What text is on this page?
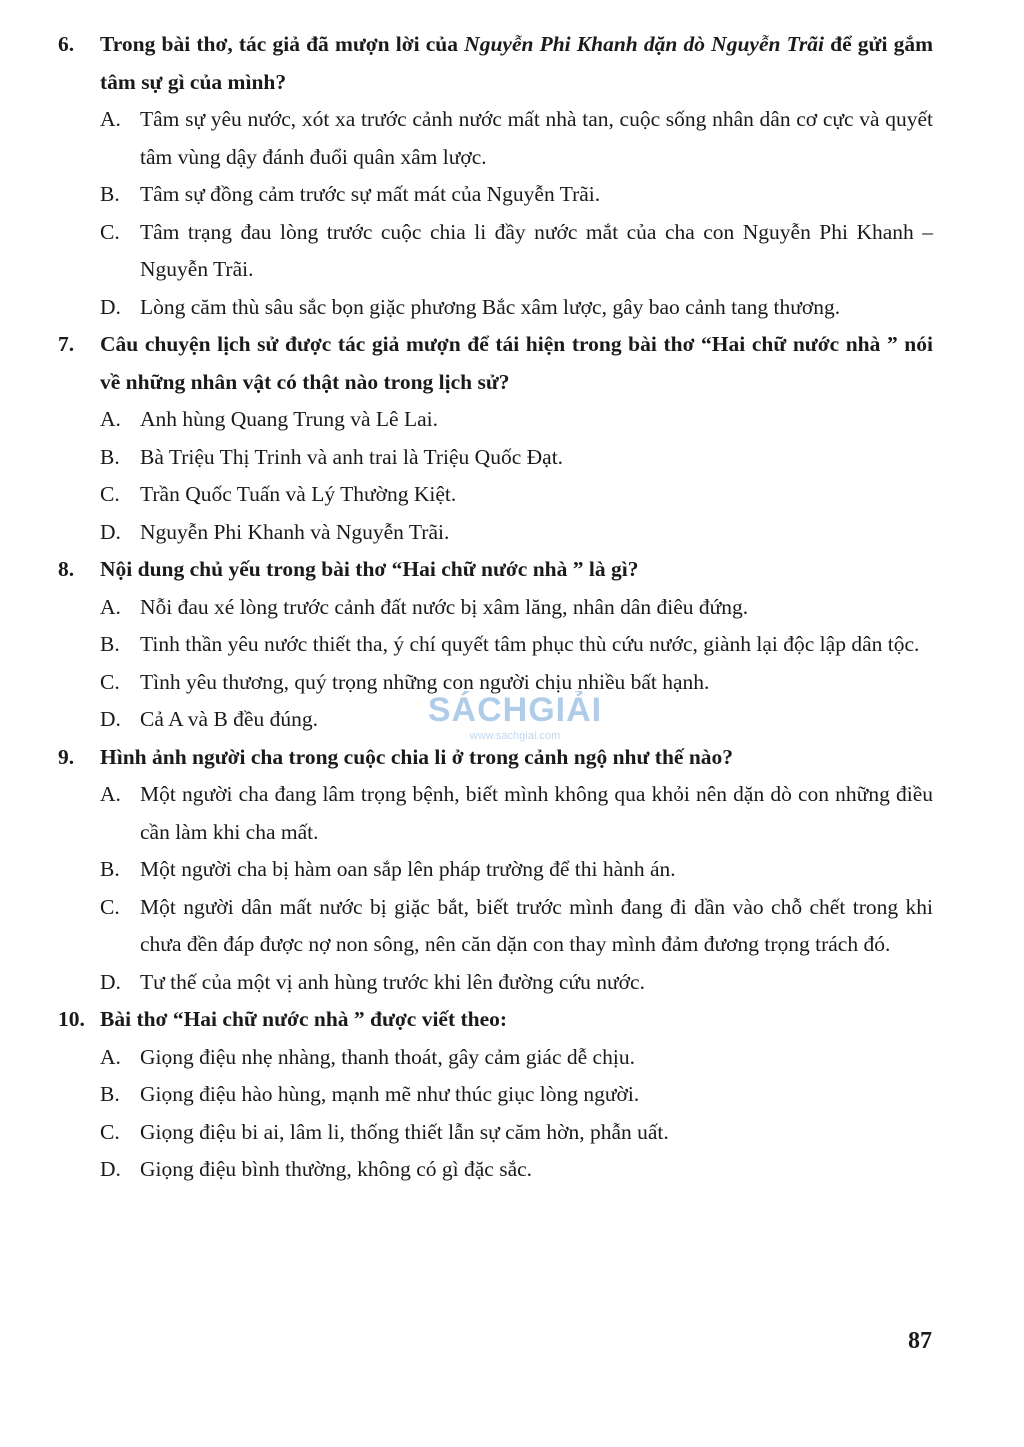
6.	Trong bài thơ, tác giả đã mượn lời của Nguyễn Phi Khanh dặn dò Nguyễn Trãi để gửi gắm tâm sự gì của mình?
A. Tâm sự yêu nước, xót xa trước cảnh nước mất nhà tan, cuộc sống nhân dân cơ cực và quyết tâm vùng dậy đánh đuổi quân xâm lược.
B. Tâm sự đồng cảm trước sự mất mát của Nguyễn Trãi.
C. Tâm trạng đau lòng trước cuộc chia li đầy nước mắt của cha con Nguyễn Phi Khanh – Nguyễn Trãi.
D. Lòng căm thù sâu sắc bọn giặc phương Bắc xâm lược, gây bao cảnh tang thương.
7.	Câu chuyện lịch sử được tác giả mượn để tái hiện trong bài thơ “Hai chữ nước nhà ” nói về những nhân vật có thật nào trong lịch sử?
A. Anh hùng Quang Trung và Lê Lai.
B. Bà Triệu Thị Trinh và anh trai là Triệu Quốc Đạt.
C. Trần Quốc Tuấn và Lý Thường Kiệt.
D. Nguyễn Phi Khanh và Nguyễn Trãi.
8.	Nội dung chủ yếu trong bài thơ “Hai chữ nước nhà ” là gì?
A. Nỗi đau xé lòng trước cảnh đất nước bị xâm lăng, nhân dân điêu đứng.
B. Tinh thần yêu nước thiết tha, ý chí quyết tâm phục thù cứu nước, giành lại độc lập dân tộc.
C. Tình yêu thương, quý trọng những con người chịu nhiều bất hạnh.
D. Cả A và B đều đúng.
9.	Hình ảnh người cha trong cuộc chia li ở trong cảnh ngộ như thế nào?
A. Một người cha đang lâm trọng bệnh, biết mình không qua khỏi nên dặn dò con những điều cần làm khi cha mất.
B. Một người cha bị hàm oan sắp lên pháp trường để thi hành án.
C. Một người dân mất nước bị giặc bắt, biết trước mình đang đi dần vào chỗ chết trong khi chưa đền đáp được nợ non sông, nên căn dặn con thay mình đảm đương trọng trách đó.
D. Tư thế của một vị anh hùng trước khi lên đường cứu nước.
10. Bài thơ “Hai chữ nước nhà ” được viết theo:
A. Giọng điệu nhẹ nhàng, thanh thoát, gây cảm giác dễ chịu.
B. Giọng điệu hào hùng, mạnh mẽ như thúc giục lòng người.
C. Giọng điệu bi ai, lâm li, thống thiết lẫn sự căm hờn, phẫn uất.
D. Giọng điệu bình thường, không có gì đặc sắc.
SÁCHGIẢI
www.sachgiai.com
87
